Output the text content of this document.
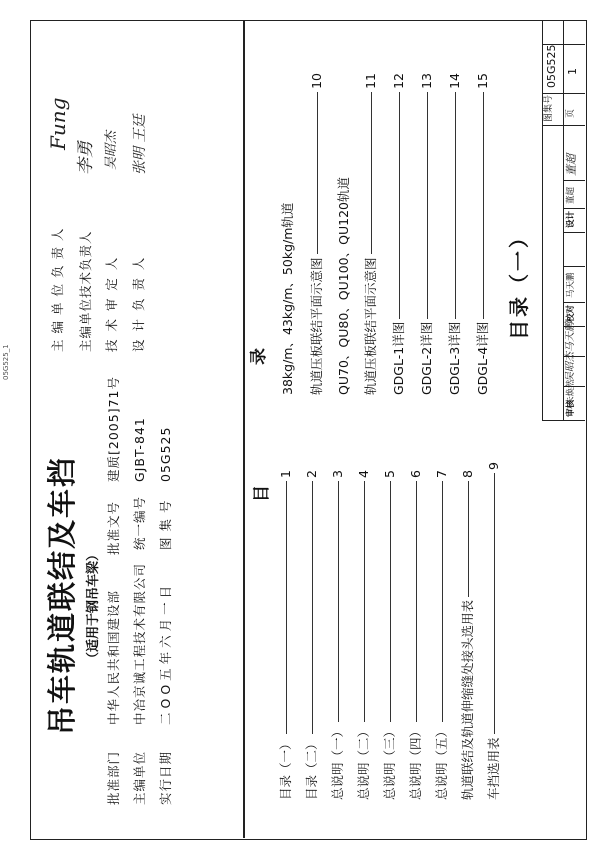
05G525_1
吊车轨道联结及车挡 （适用于钢吊车梁）
批准部门
中华人民共和国建设部
批准文号
建质[2005]71号
主编单位
中冶京诚工程技术有限公司
统一编号
GJBT-841
实行日期
二OO五年六月一日
图 集 号
05G525
目
目录（一）
1
目录（二）
2
总说明（一）
3
总说明（二）
4
总说明（三）
5
总说明（四）
6
总说明（五）
7
轨道联结及轨道伸缩缝处接头选用表
8
车挡选用表
9
主编单位负责人
Fung
主编单位技术负责人
李勇
技 术 审 定 人
吴昭杰
设 计 负 责 人
张明 王廷
录 38kg/m、43kg/m、50kg/m轨道 轨道压板联结平面示意图
10
QU70、QU80、QU100、QU120轨道 轨道压板联结平面示意图
11
GDGL-1详图
12
GDGL-2详图
13
GDGL-3详图
14
GDGL-4详图
15
目录（一）
图集号
05G525
页
1
审核
朱焕然
吴昭杰
校对
马天鹏
马天鹏
设计
董超
董超
